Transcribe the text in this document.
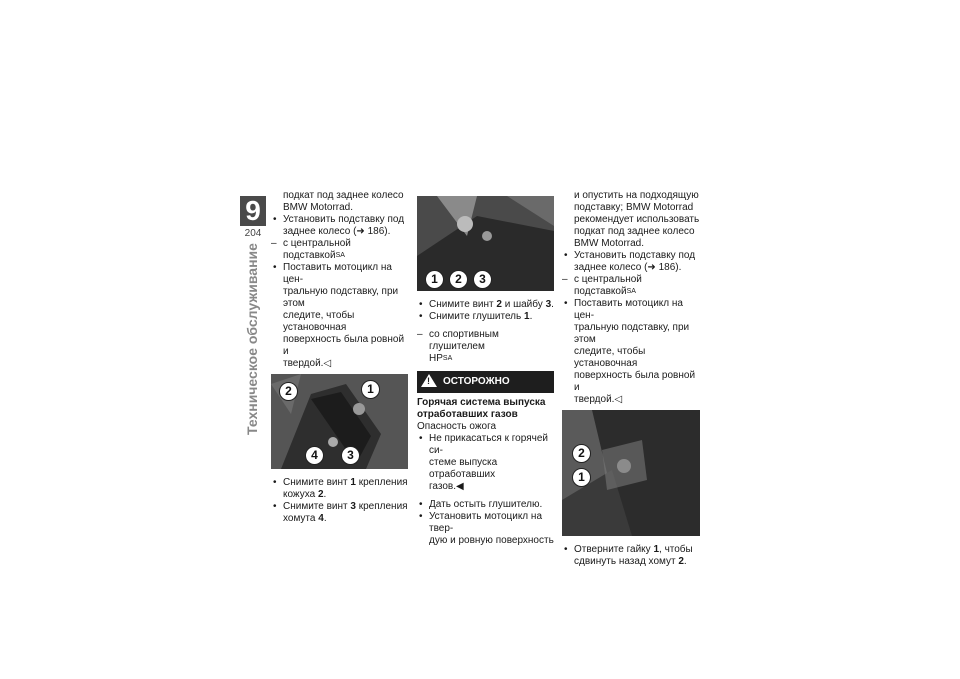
9
204
Техническое обслуживание

подкат под заднее колесо
BMW Motorrad.

• Установить подставку под
заднее колесо (➜ 186).

– с центральной подставкой$^{SA}$

• Поставить мотоцикл на цен-
тральную подставку, при этом
следите, чтобы установочная
поверхность была ровной и
твердой.◁

2	1
4	3

• Снимите винт 1 крепления
кожуха 2.

• Снимите винт 3 крепления
хомута 4.

1	2	3

• Снимите винт 2 и шайбу 3.

• Снимите глушитель 1.

– со спортивным глушителем
$HP^{SA}$

!ОСТОРОЖНО

Горячая система выпуска
отработавших газов

Опасность ожога

• Не прикасаться к горячей си-
стеме выпуска отработавших
газов.◀

• Дать остыть глушителю.

• Установить мотоцикл на твер-
дую и ровную поверхность

и опустить на подходящую
подставку; BMW Motorrad
рекомендует использовать
подкат под заднее колесо
BMW Motorrad.

• Установить подставку под
заднее колесо (➜ 186).

– с центральной подставкой$^{SA}$

• Поставить мотоцикл на цен-
тральную подставку, при этом
следите, чтобы установочная
поверхность была ровной и
твердой.◁

2
1

• Отверните гайку 1, чтобы
сдвинуть назад хомут 2.
